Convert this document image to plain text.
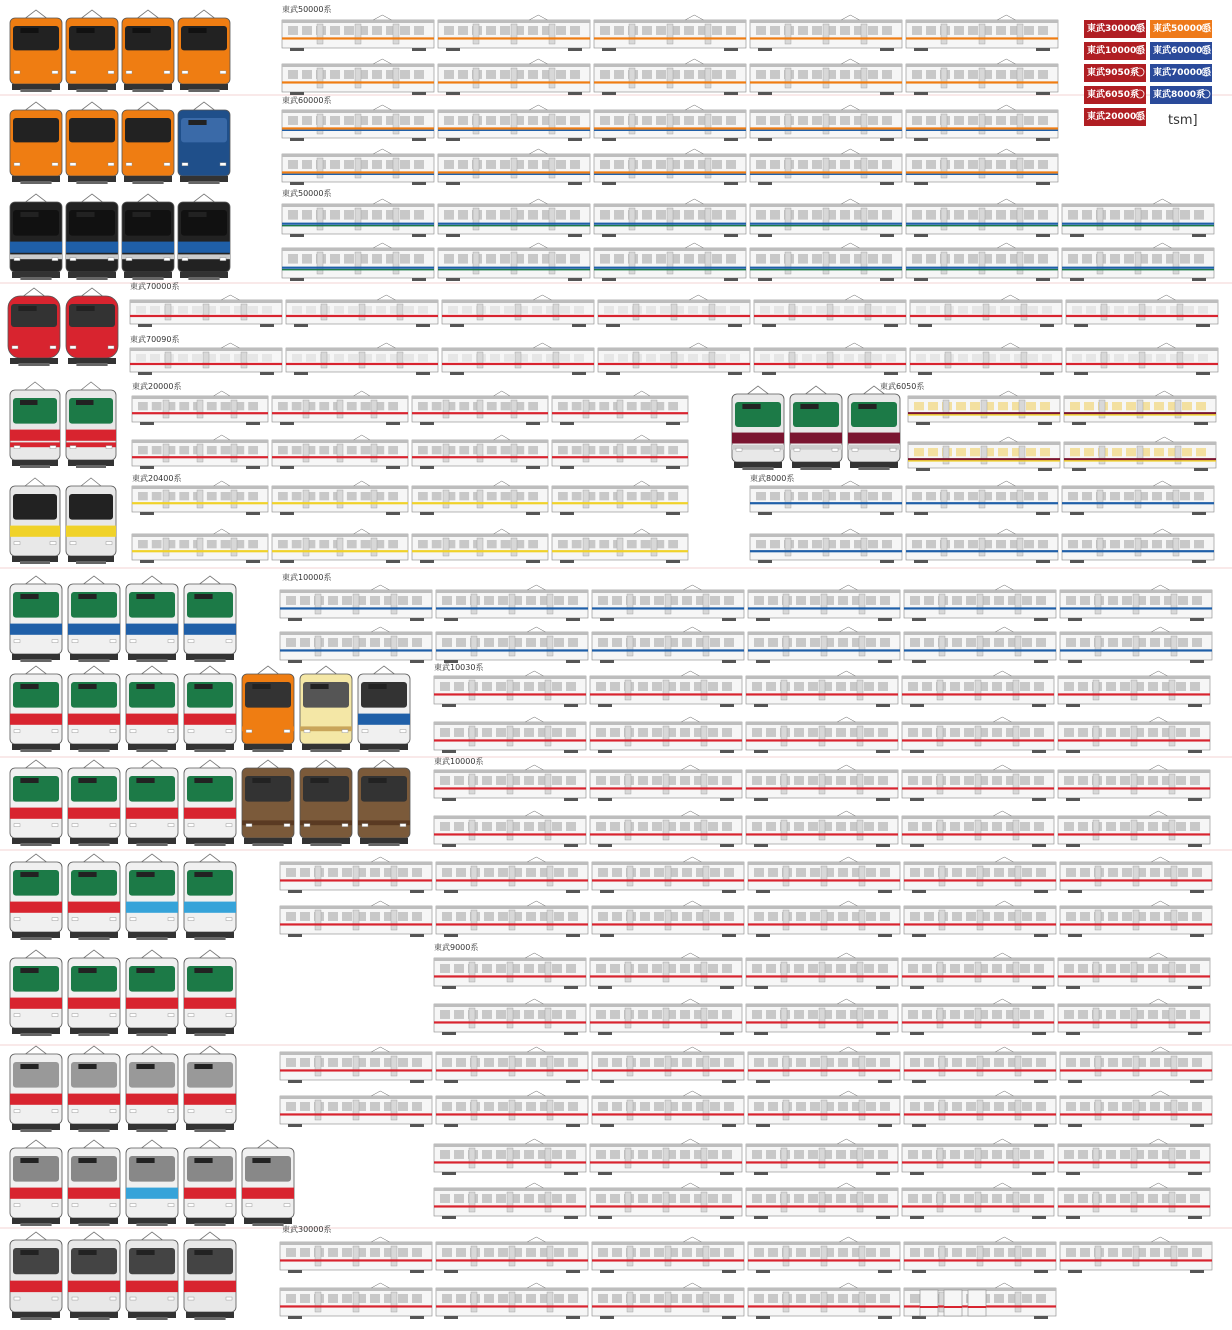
東武50000系
東武60000系
東武50000系
東武70000系
東武70090系
東武20000系	東武6050系
東武20400系	東武8000系
東武10000系
東武10030系
東武10000系
東武9000系
東武30000系
東武30000系 東武50000系
東武10000系 東武60000系
東武9050系 東武70000系
東武6050系 東武8000系
東武20000系 6050F + 8489F
tsm]
